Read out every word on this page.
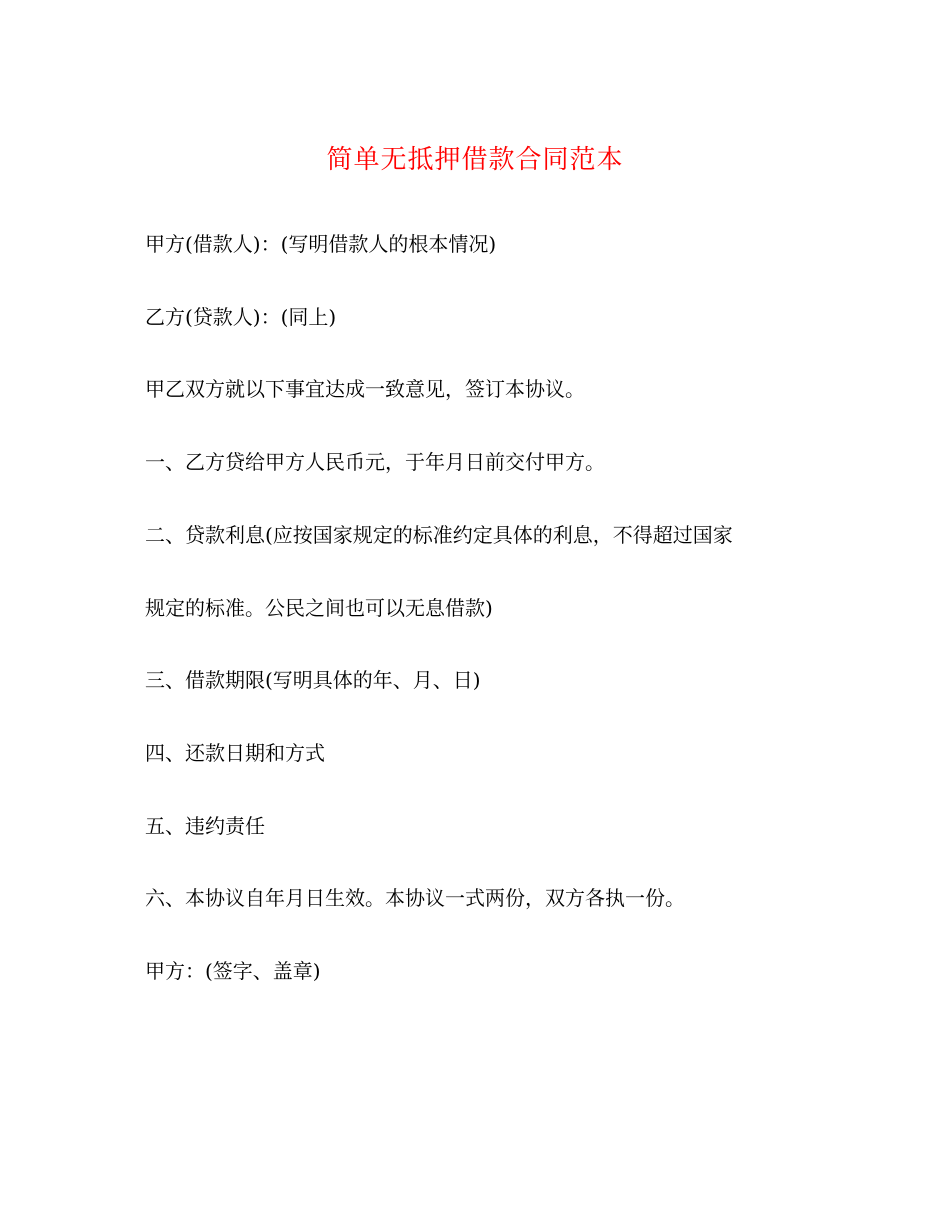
简单无抵押借款合同范本
甲方(借款人)：(写明借款人的根本情况)
乙方(贷款人)：(同上)
甲乙双方就以下事宜达成一致意见，签订本协议。
一、乙方贷给甲方人民币元，于年月日前交付甲方。
二、贷款利息(应按国家规定的标准约定具体的利息，不得超过国家
规定的标准。公民之间也可以无息借款)
三、借款期限(写明具体的年、月、日)
四、还款日期和方式
五、违约责任
六、本协议自年月日生效。本协议一式两份，双方各执一份。
甲方：(签字、盖章)
